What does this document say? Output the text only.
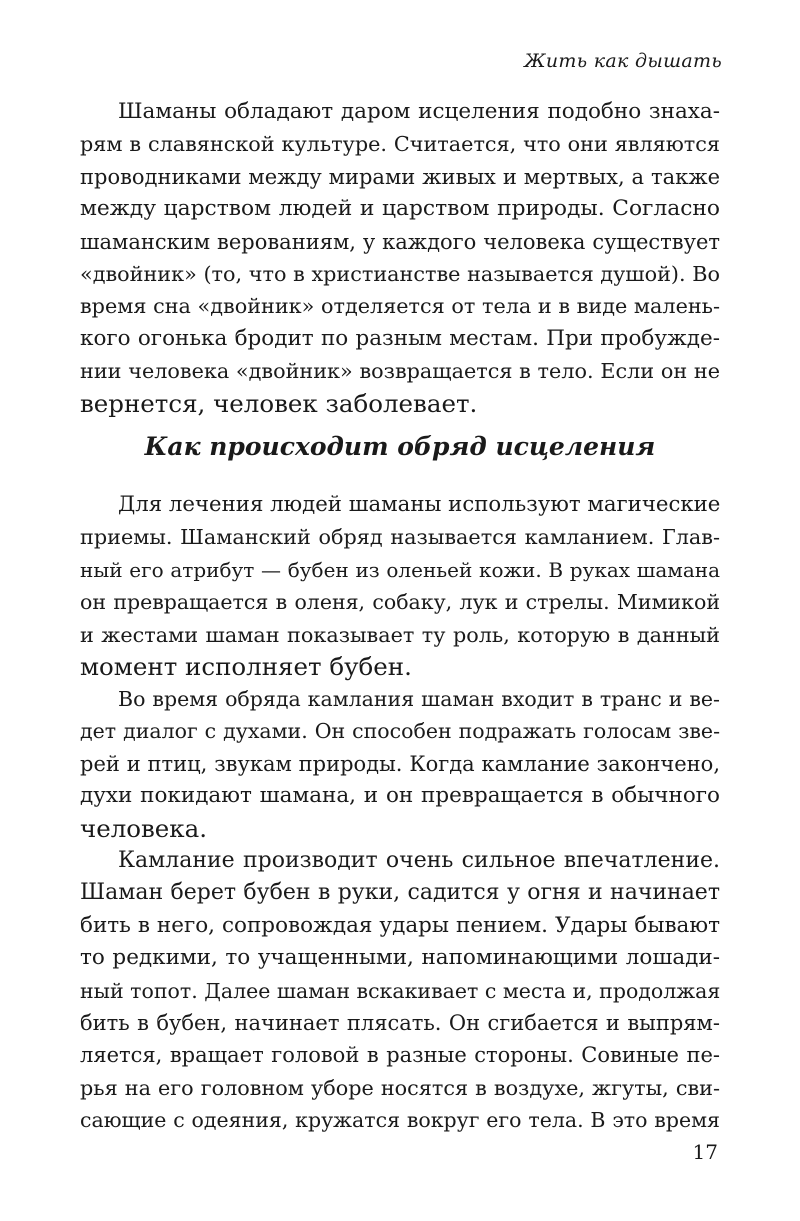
Жить как дышать
Шаманы обладают даром исцеления подобно знаха-
рям в славянской культуре. Считается, что они являются
проводниками между мирами живых и мертвых, а также
между царством людей и царством природы. Согласно
шаманским верованиям, у каждого человека существует
«двойник» (то, что в христианстве называется душой). Во
время сна «двойник» отделяется от тела и в виде малень-
кого огонька бродит по разным местам. При пробужде-
нии человека «двойник» возвращается в тело. Если он не
вернется, человек заболевает.
Как происходит обряд исцеления
Для лечения людей шаманы используют магические
приемы. Шаманский обряд называется камланием. Глав-
ный его атрибут — бубен из оленьей кожи. В руках шамана
он превращается в оленя, собаку, лук и стрелы. Мимикой
и жестами шаман показывает ту роль, которую в данный
момент исполняет бубен.
Во время обряда камлания шаман входит в транс и ве-
дет диалог с духами. Он способен подражать голосам зве-
рей и птиц, звукам природы. Когда камлание закончено,
духи покидают шамана, и он превращается в обычного
человека.
Камлание производит очень сильное впечатление.
Шаман берет бубен в руки, садится у огня и начинает
бить в него, сопровождая удары пением. Удары бывают
то редкими, то учащенными, напоминающими лошади-
ный топот. Далее шаман вскакивает с места и, продолжая
бить в бубен, начинает плясать. Он сгибается и выпрям-
ляется, вращает головой в разные стороны. Совиные пе-
рья на его головном уборе носятся в воздухе, жгуты, сви-
сающие с одеяния, кружатся вокруг его тела. В это время
17
